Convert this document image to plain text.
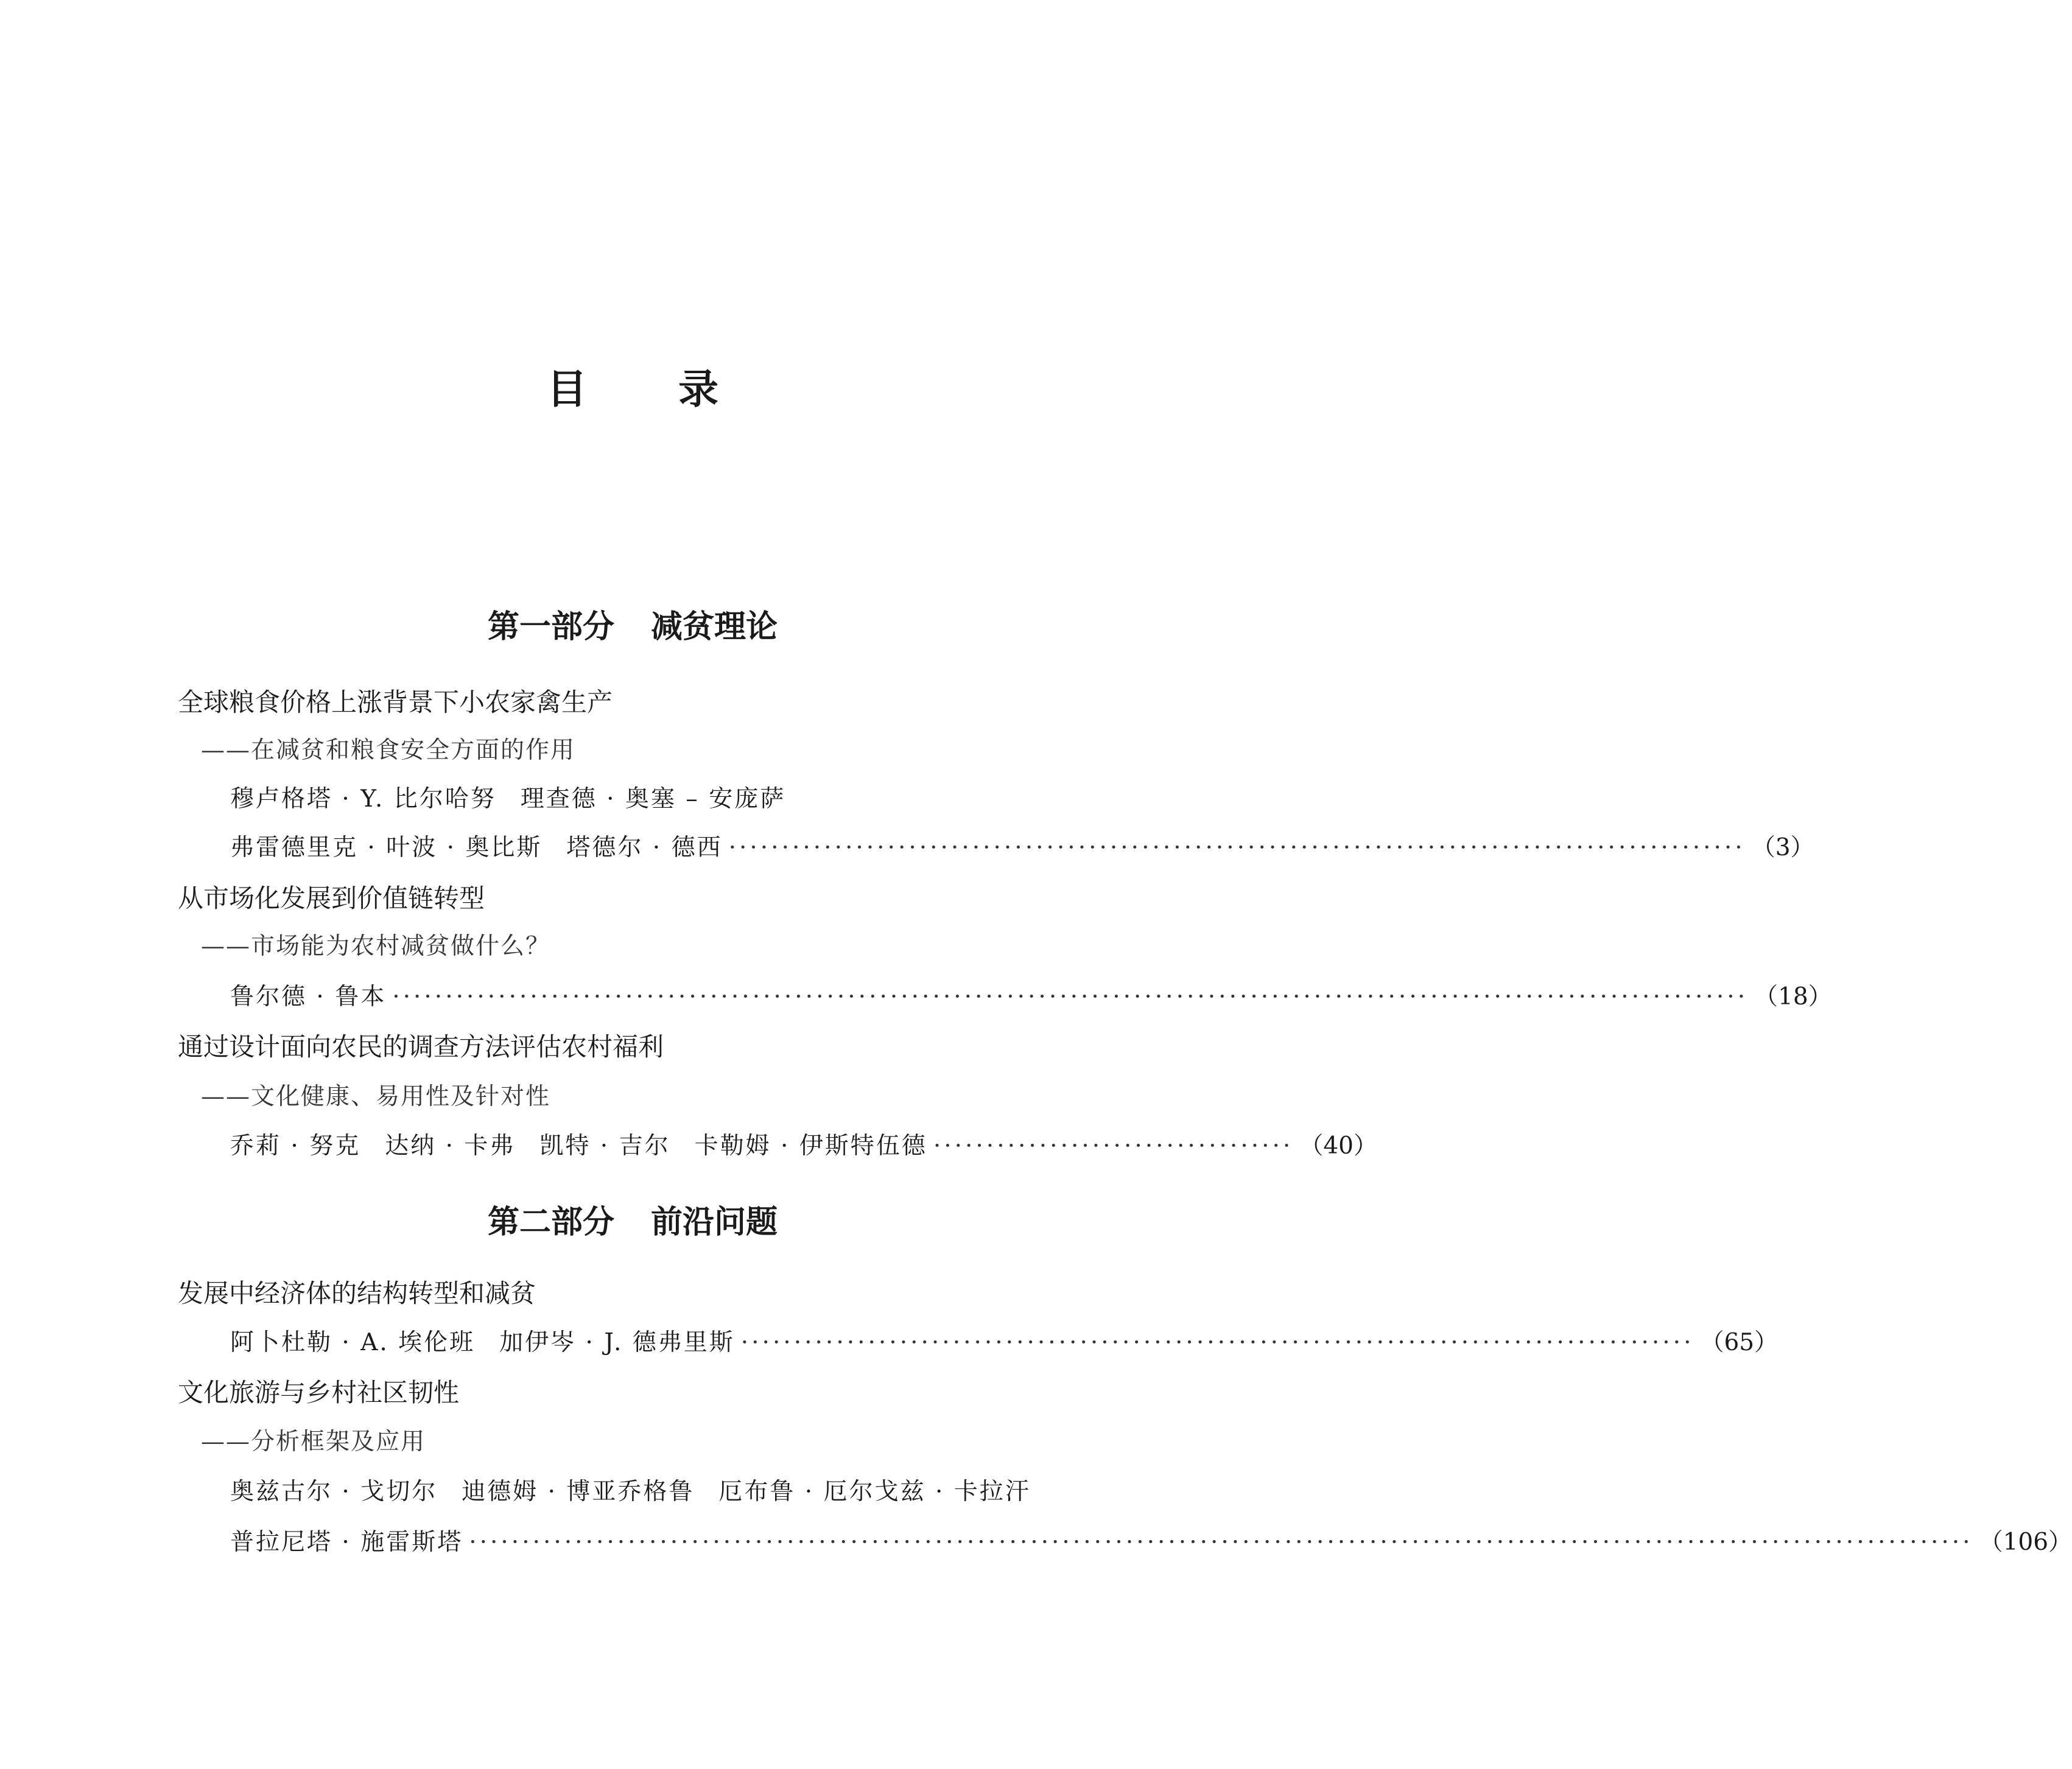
目 录
第一部分 减贫理论
全球粮食价格上涨背景下小农家禽生产
——在减贫和粮食安全方面的作用
穆卢格塔 · Y. 比尔哈努 理查德 · 奥塞 – 安庞萨
弗雷德里克 · 叶波 · 奥比斯 塔德尔 · 德西 ································································································ （3）
从市场化发展到价值链转型
——市场能为农村减贫做什么？
鲁尔德 · 鲁本 ································································································································ （18）
通过设计面向农民的调查方法评估农村福利
——文化健康、易用性及针对性
乔莉 · 努克 达纳 · 卡弗 凯特 · 吉尔 卡勒姆 · 伊斯特伍德 ·································· （40）
第二部分 前沿问题
发展中经济体的结构转型和减贫
阿卜杜勒 · A. 埃伦班 加伊岑 · J. 德弗里斯 ·························································································· （65）
文化旅游与乡村社区韧性
——分析框架及应用
奥兹古尔 · 戈切尔 迪德姆 · 博亚乔格鲁 厄布鲁 · 厄尔戈兹 · 卡拉汗
普拉尼塔 · 施雷斯塔 ·············································································································································· （106）
